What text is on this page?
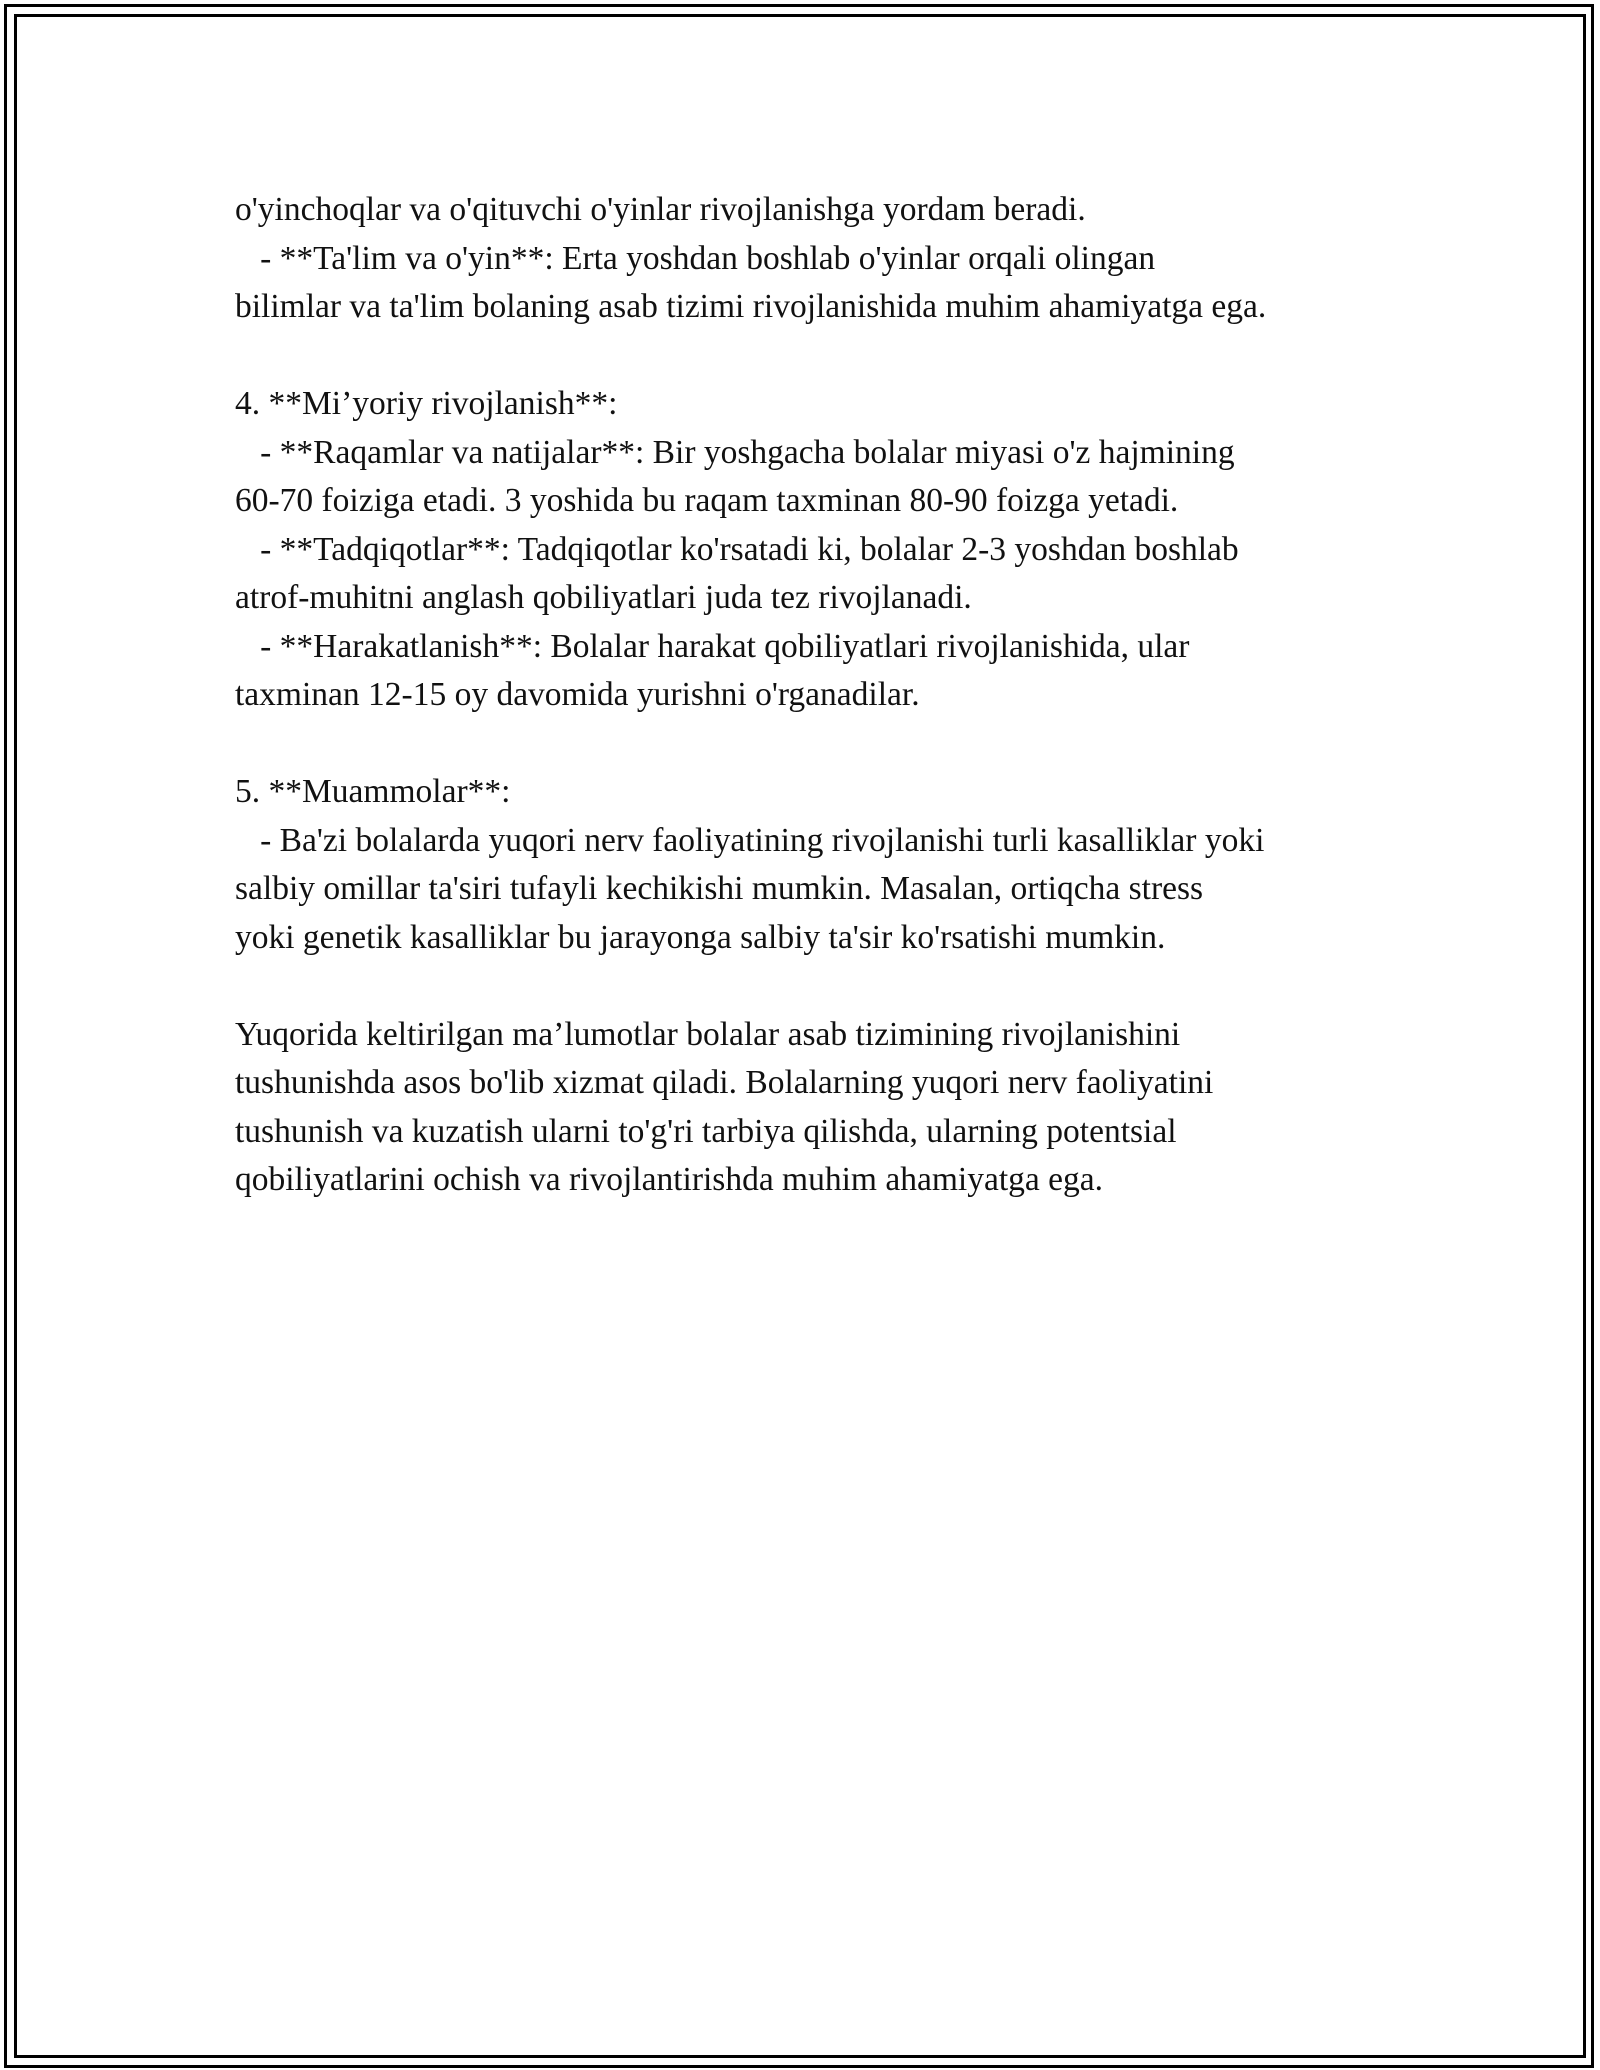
o'yinchoqlar va o'qituvchi o'yinlar rivojlanishga yordam beradi.
- **Ta'lim va o'yin**: Erta yoshdan boshlab o'yinlar orqali olingan
bilimlar va ta'lim bolaning asab tizimi rivojlanishida muhim ahamiyatga ega.
4. **Mi’yoriy rivojlanish**:
- **Raqamlar va natijalar**: Bir yoshgacha bolalar miyasi o'z hajmining
60-70 foiziga etadi. 3 yoshida bu raqam taxminan 80-90 foizga yetadi.
- **Tadqiqotlar**: Tadqiqotlar ko'rsatadi ki, bolalar 2-3 yoshdan boshlab
atrof-muhitni anglash qobiliyatlari juda tez rivojlanadi.
- **Harakatlanish**: Bolalar harakat qobiliyatlari rivojlanishida, ular
taxminan 12-15 oy davomida yurishni o'rganadilar.
5. **Muammolar**:
- Ba'zi bolalarda yuqori nerv faoliyatining rivojlanishi turli kasalliklar yoki
salbiy omillar ta'siri tufayli kechikishi mumkin. Masalan, ortiqcha stress
yoki genetik kasalliklar bu jarayonga salbiy ta'sir ko'rsatishi mumkin.
Yuqorida keltirilgan ma’lumotlar bolalar asab tizimining rivojlanishini
tushunishda asos bo'lib xizmat qiladi. Bolalarning yuqori nerv faoliyatini
tushunish va kuzatish ularni to'g'ri tarbiya qilishda, ularning potentsial
qobiliyatlarini ochish va rivojlantirishda muhim ahamiyatga ega.
